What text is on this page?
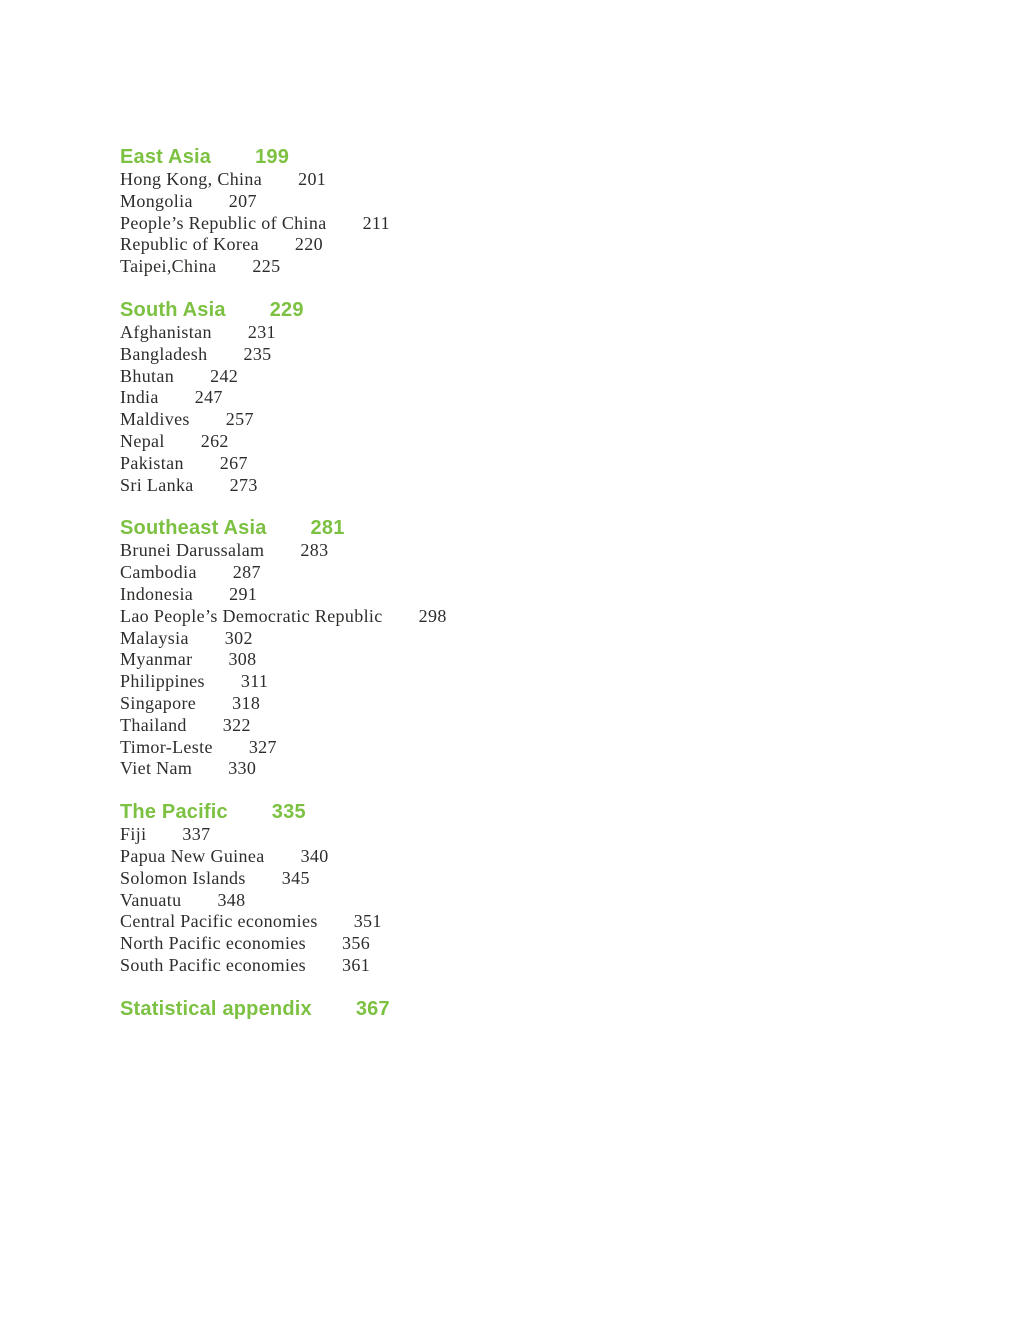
East Asia 199

Hong Kong, China 201

Mongolia 207

People’s Republic of China 211

Republic of Korea 220

Taipei,China 225

South Asia 229

Afghanistan 231

Bangladesh 235

Bhutan 242

India 247

Maldives 257

Nepal 262

Pakistan 267

Sri Lanka 273

Southeast Asia 281

Brunei Darussalam 283

Cambodia 287

Indonesia 291

Lao People’s Democratic Republic 298

Malaysia 302

Myanmar 308

Philippines 311

Singapore 318

Thailand 322

Timor-Leste 327

Viet Nam 330

The Pacific 335

Fiji 337

Papua New Guinea 340

Solomon Islands 345

Vanuatu 348

Central Pacific economies 351

North Pacific economies 356

South Pacific economies 361

Statistical appendix 367
